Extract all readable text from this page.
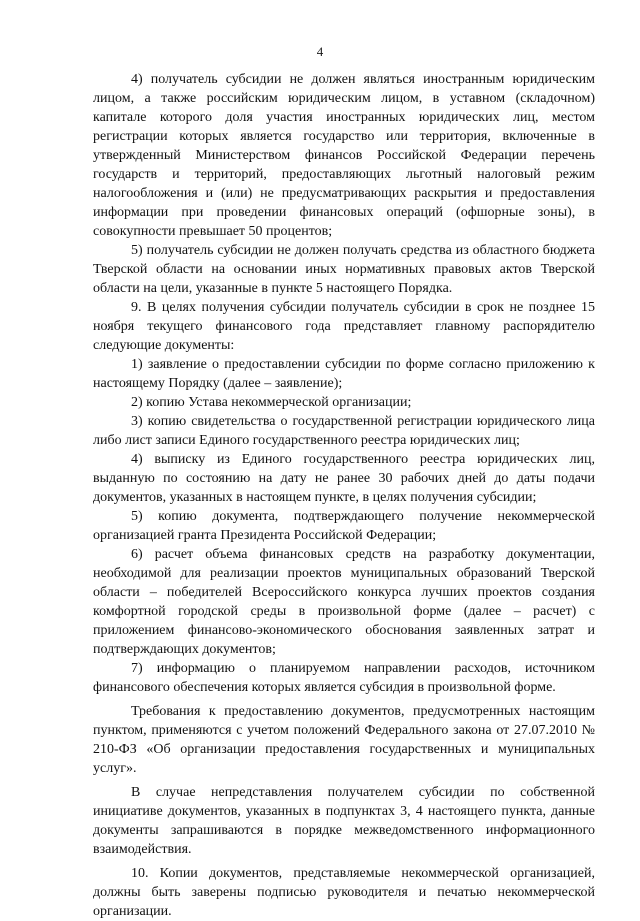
4

4) получатель субсидии не должен являться иностранным юридическим лицом, а также российским юридическим лицом, в уставном (складочном) капитале которого доля участия иностранных юридических лиц, местом регистрации которых является государство или территория, включенные в утвержденный Министерством финансов Российской Федерации перечень государств и территорий, предоставляющих льготный налоговый режим налогообложения и (или) не предусматривающих раскрытия и предоставления информации при проведении финансовых операций (офшорные зоны), в совокупности превышает 50 процентов;

5) получатель субсидии не должен получать средства из областного бюджета Тверской области на основании иных нормативных правовых актов Тверской области на цели, указанные в пункте 5 настоящего Порядка.

9. В целях получения субсидии получатель субсидии в срок не позднее 15 ноября текущего финансового года представляет главному распорядителю следующие документы:

1) заявление о предоставлении субсидии по форме согласно приложению к настоящему Порядку (далее – заявление);

2) копию Устава некоммерческой организации;

3) копию свидетельства о государственной регистрации юридического лица либо лист записи Единого государственного реестра юридических лиц;

4) выписку из Единого государственного реестра юридических лиц, выданную по состоянию на дату не ранее 30 рабочих дней до даты подачи документов, указанных в настоящем пункте, в целях получения субсидии;

5) копию документа, подтверждающего получение некоммерческой организацией гранта Президента Российской Федерации;

6) расчет объема финансовых средств на разработку документации, необходимой для реализации проектов муниципальных образований Тверской области – победителей Всероссийского конкурса лучших проектов создания комфортной городской среды в произвольной форме (далее – расчет) с приложением финансово-экономического обоснования заявленных затрат и подтверждающих документов;

7) информацию о планируемом направлении расходов, источником финансового обеспечения которых является субсидия в произвольной форме.

Требования к предоставлению документов, предусмотренных настоящим пунктом, применяются с учетом положений Федерального закона от 27.07.2010 № 210-ФЗ «Об организации предоставления государственных и муниципальных услуг».

В случае непредставления получателем субсидии по собственной инициативе документов, указанных в подпунктах 3, 4 настоящего пункта, данные документы запрашиваются в порядке межведомственного информационного взаимодействия.

10. Копии документов, представляемые некоммерческой организацией, должны быть заверены подписью руководителя и печатью некоммерческой организации.
